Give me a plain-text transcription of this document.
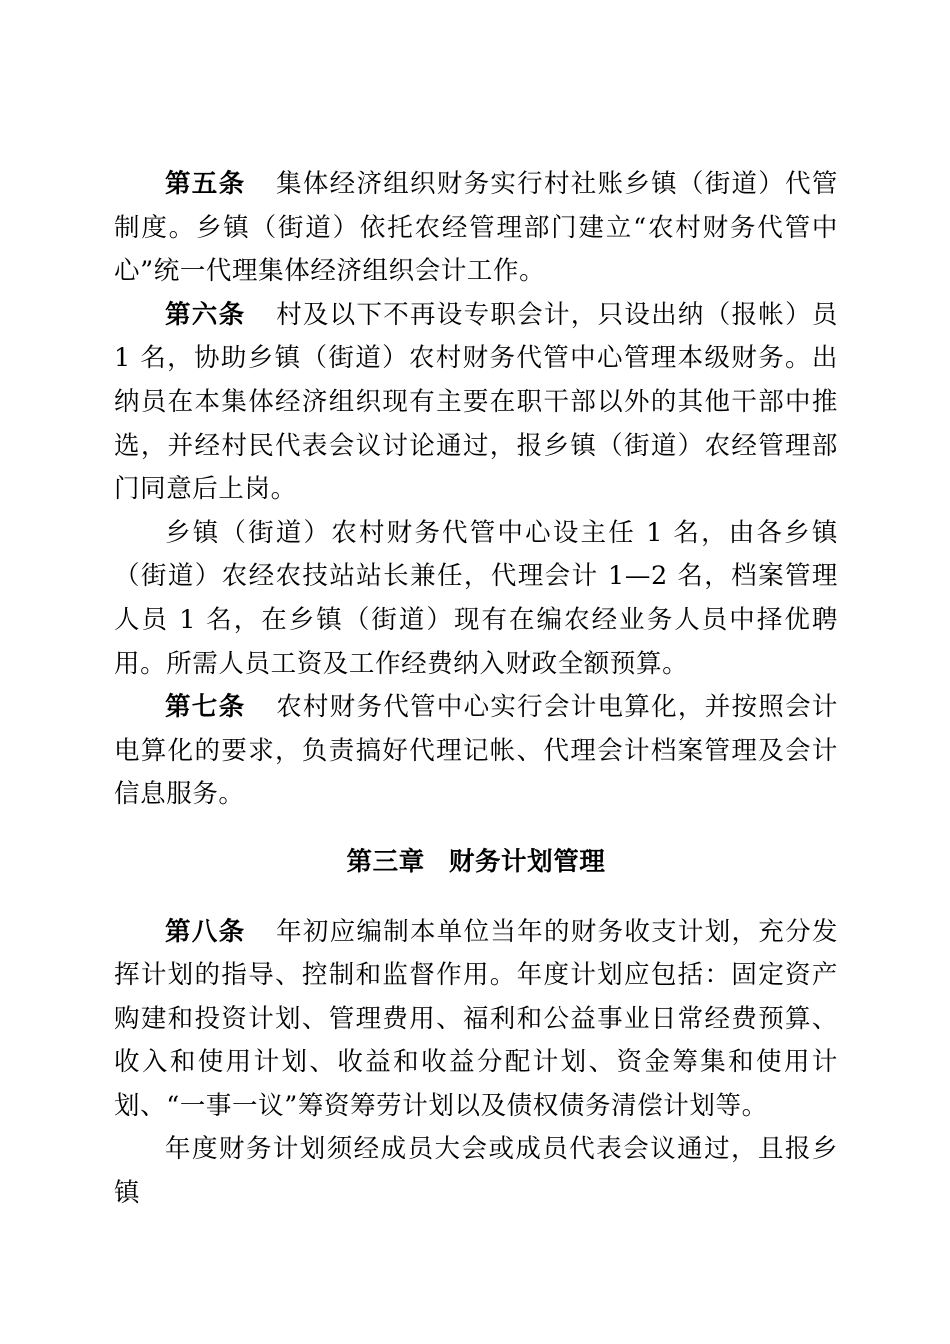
第五条 集体经济组织财务实行村社账乡镇（街道）代管制度。乡镇（街道）依托农经管理部门建立“农村财务代管中心”统一代理集体经济组织会计工作。

第六条 村及以下不再设专职会计，只设出纳（报帐）员 1 名，协助乡镇（街道）农村财务代管中心管理本级财务。出纳员在本集体经济组织现有主要在职干部以外的其他干部中推选，并经村民代表会议讨论通过，报乡镇（街道）农经管理部门同意后上岗。

乡镇（街道）农村财务代管中心设主任 1 名，由各乡镇（街道）农经农技站站长兼任，代理会计 1—2 名，档案管理人员 1 名，在乡镇（街道）现有在编农经业务人员中择优聘用。所需人员工资及工作经费纳入财政全额预算。

第七条 农村财务代管中心实行会计电算化，并按照会计电算化的要求，负责搞好代理记帐、代理会计档案管理及会计信息服务。

第三章 财务计划管理

第八条 年初应编制本单位当年的财务收支计划，充分发挥计划的指导、控制和监督作用。年度计划应包括：固定资产购建和投资计划、管理费用、福利和公益事业日常经费预算、收入和使用计划、收益和收益分配计划、资金筹集和使用计划、“一事一议”筹资筹劳计划以及债权债务清偿计划等。

年度财务计划须经成员大会或成员代表会议通过，且报乡镇
